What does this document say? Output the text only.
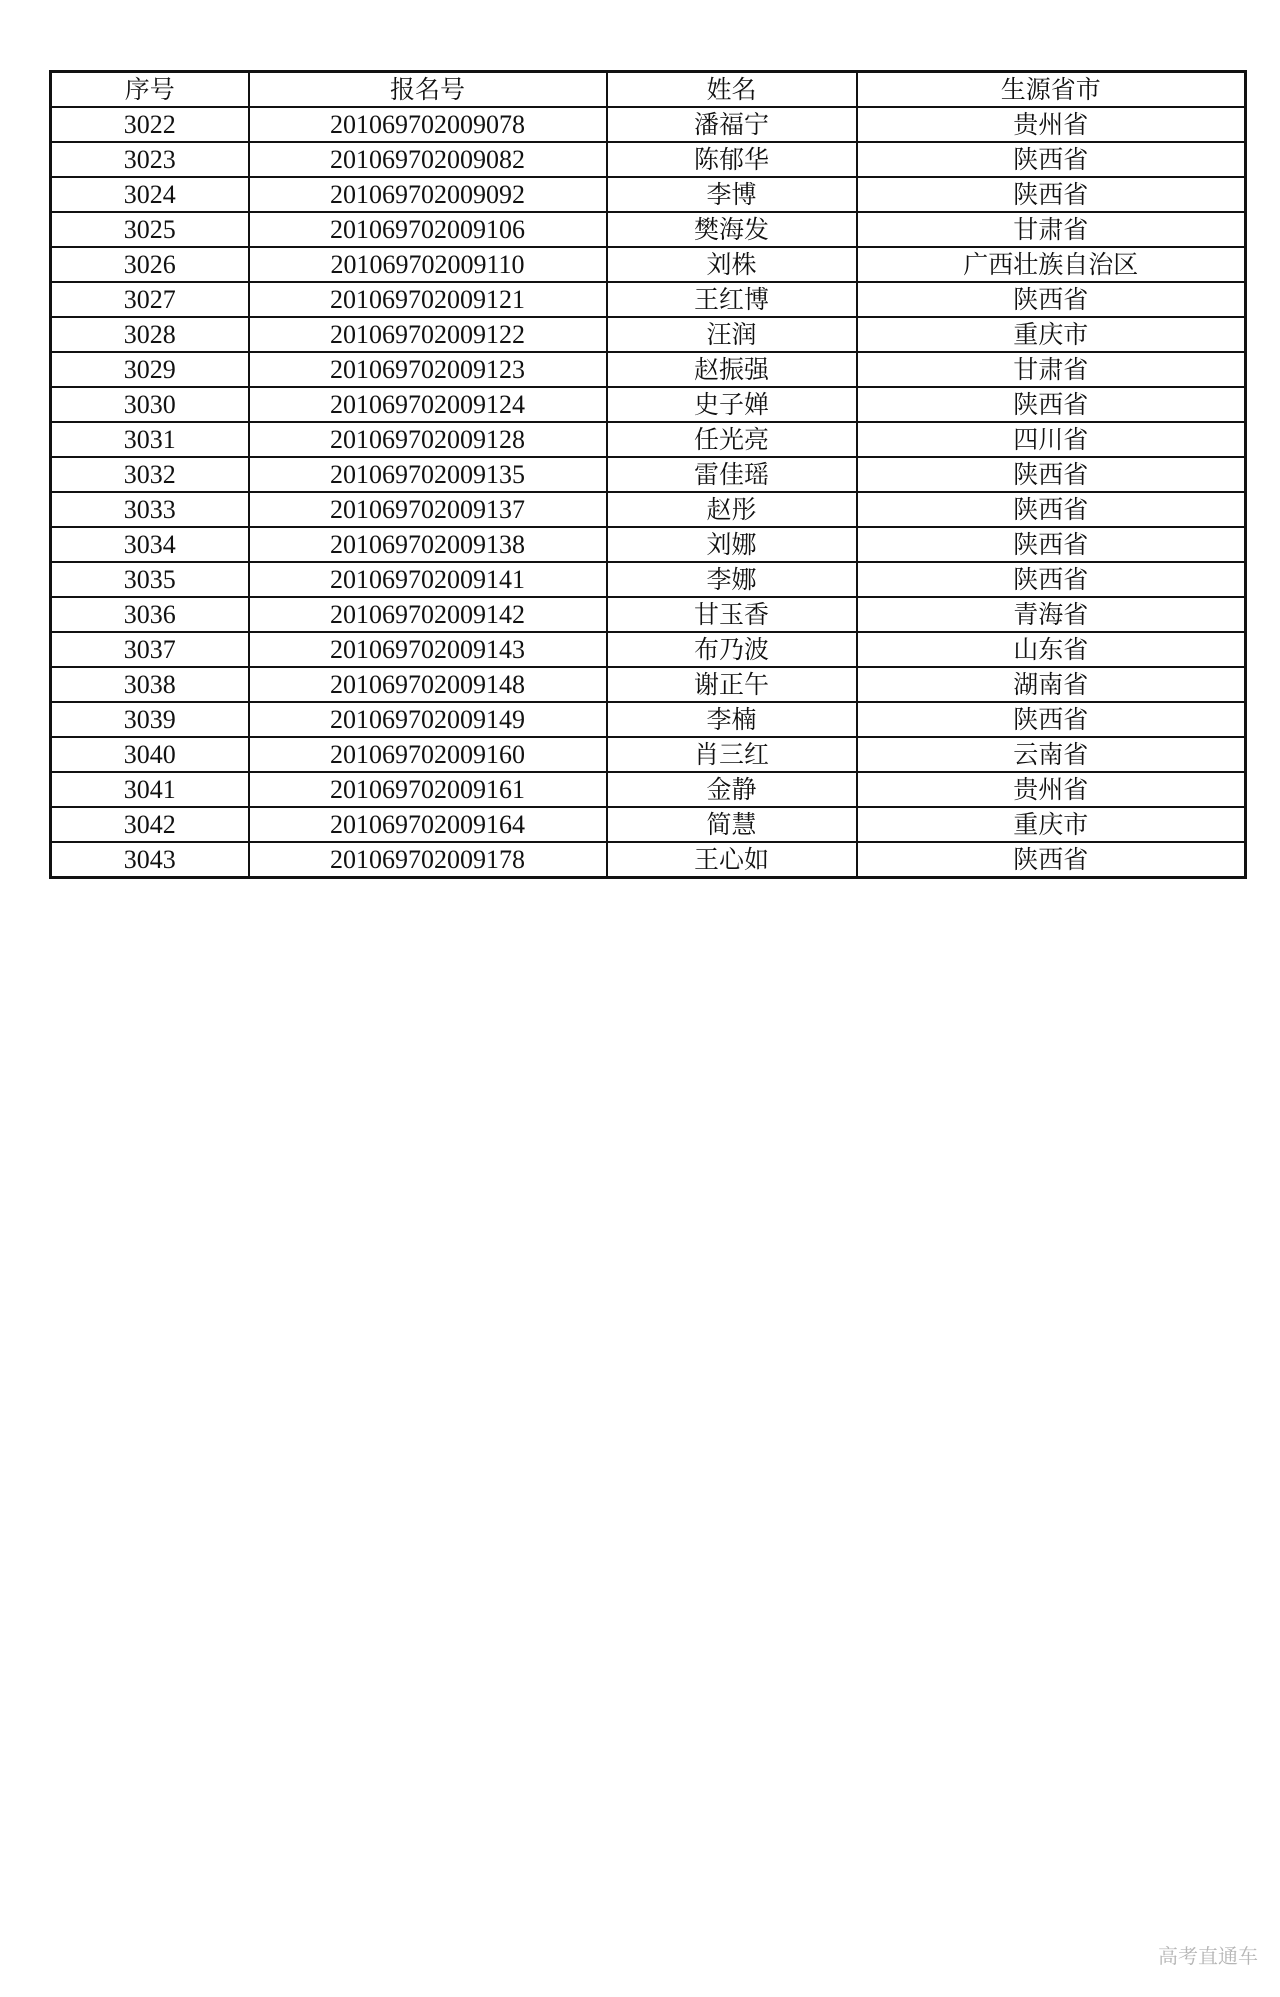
序号	报名号	姓名	生源省市
3022	201069702009078	潘福宁	贵州省
3023	201069702009082	陈郁华	陕西省
3024	201069702009092	李博	陕西省
3025	201069702009106	樊海发	甘肃省
3026	201069702009110	刘株	广西壮族自治区
3027	201069702009121	王红博	陕西省
3028	201069702009122	汪润	重庆市
3029	201069702009123	赵振强	甘肃省
3030	201069702009124	史子婵	陕西省
3031	201069702009128	任光亮	四川省
3032	201069702009135	雷佳瑶	陕西省
3033	201069702009137	赵彤	陕西省
3034	201069702009138	刘娜	陕西省
3035	201069702009141	李娜	陕西省
3036	201069702009142	甘玉香	青海省
3037	201069702009143	布乃波	山东省
3038	201069702009148	谢正午	湖南省
3039	201069702009149	李楠	陕西省
3040	201069702009160	肖三红	云南省
3041	201069702009161	金静	贵州省
3042	201069702009164	简慧	重庆市
3043	201069702009178	王心如	陕西省
高考直通车
